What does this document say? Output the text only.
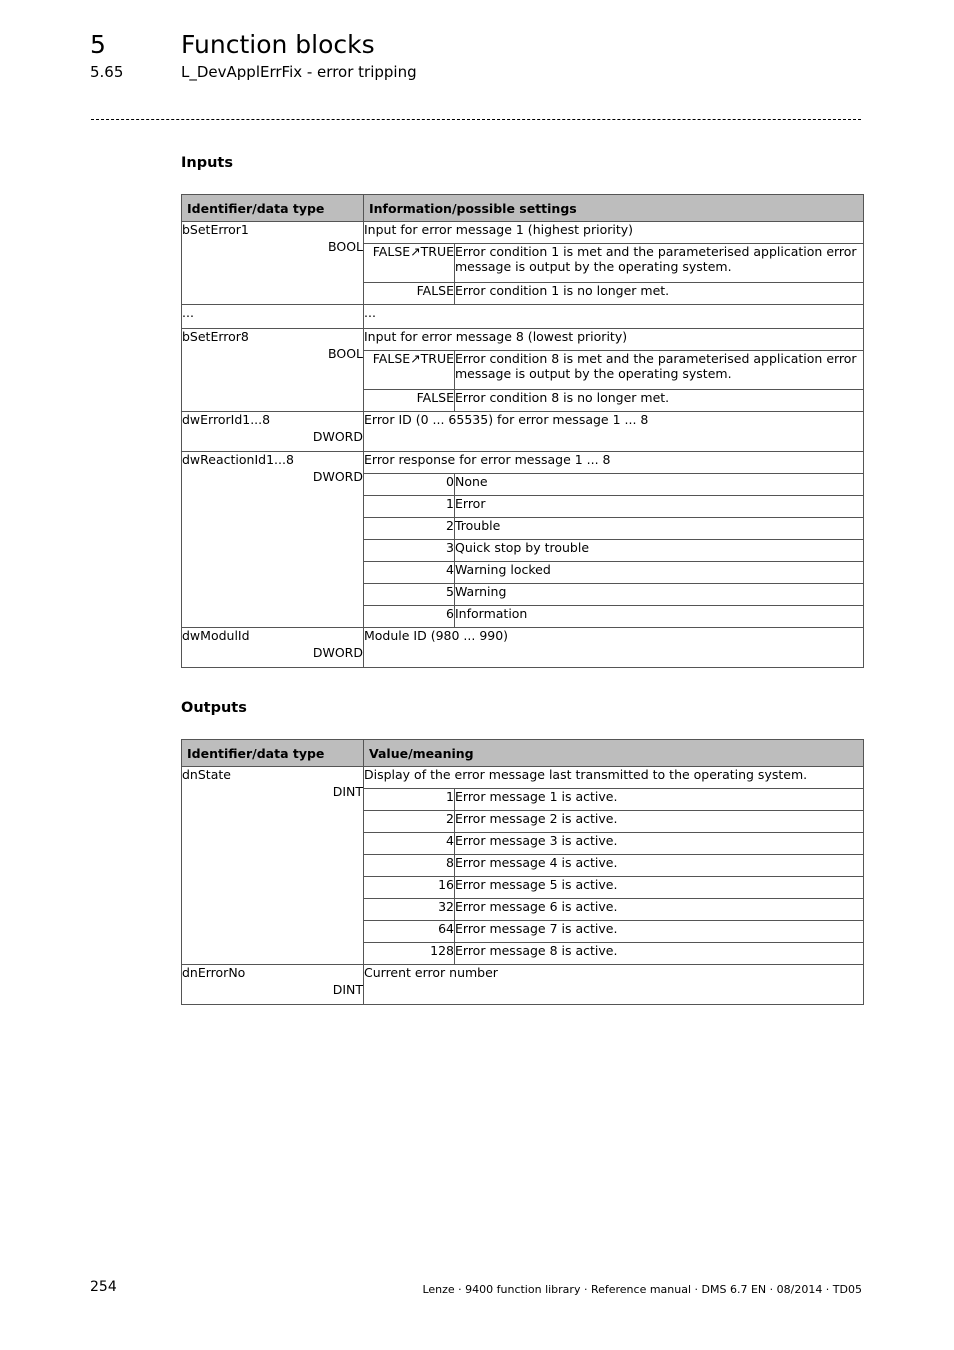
5	Function blocks
5.65	L_DevApplErrFix - error tripping
Inputs
Identifier/data type	Information/possible settings	

bSetError1
BOOL	Input for error message 1 (highest priority)	
	FALSE↗TRUE	Error condition 1 is met and the parameterised application error message is output by the operating system.
	FALSE	Error condition 1 is no longer met.
...	...	

bSetError8
BOOL	Input for error message 8 (lowest priority)	
	FALSE↗TRUE	Error condition 8 is met and the parameterised application error message is output by the operating system.
	FALSE	Error condition 8 is no longer met.

dwErrorId1...8
DWORD	Error ID (0 ... 65535) for error message 1 ... 8	

dwReactionId1...8
DWORD	Error response for error message 1 ... 8	
	0	None
	1	Error
	2	Trouble
	3	Quick stop by trouble
	4	Warning locked
	5	Warning
	6	Information

dwModulId
DWORD	Module ID (980 ... 990)	
Outputs
Identifier/data type	Value/meaning	

dnState
DINT	Display of the error message last transmitted to the operating system.	
	1	Error message 1 is active.
	2	Error message 2 is active.
	4	Error message 3 is active.
	8	Error message 4 is active.
	16	Error message 5 is active.
	32	Error message 6 is active.
	64	Error message 7 is active.
	128	Error message 8 is active.

dnErrorNo
DINT	Current error number	
254	Lenze · 9400 function library · Reference manual · DMS 6.7 EN · 08/2014 · TD05
